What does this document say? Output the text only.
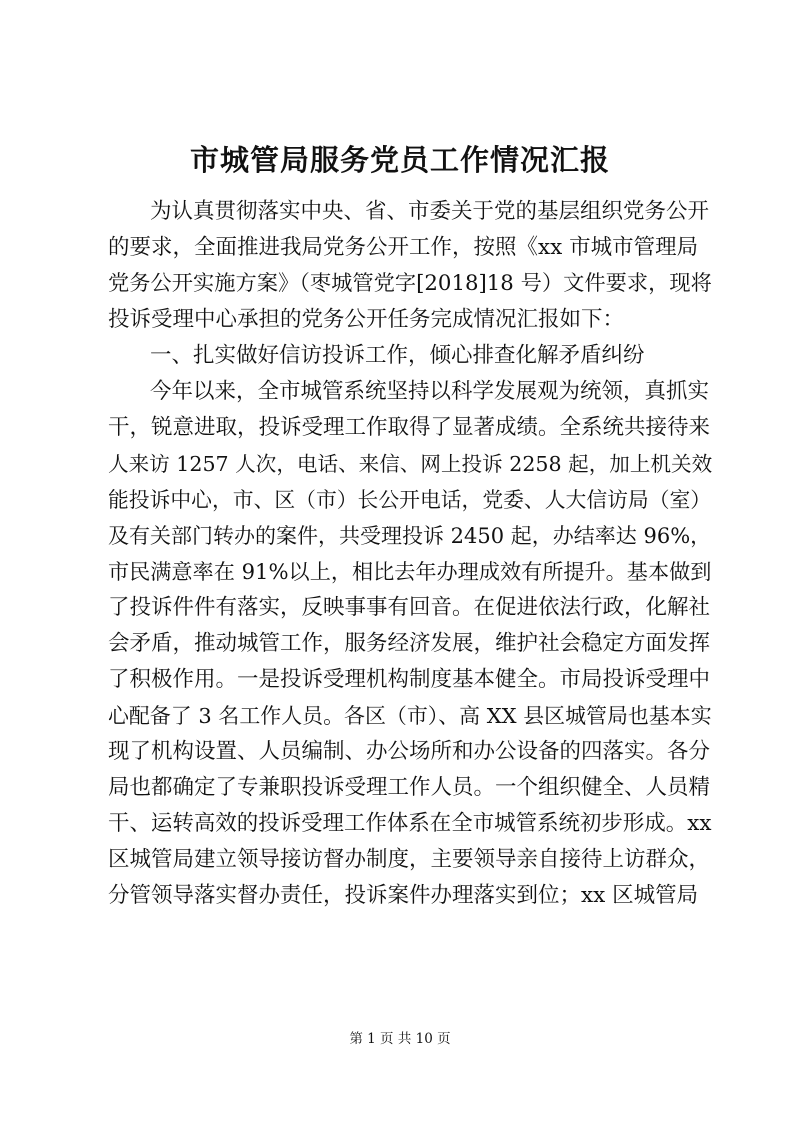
市城管局服务党员工作情况汇报
为认真贯彻落实中央、省、市委关于党的基层组织党务公开
的要求，全面推进我局党务公开工作，按照《xx 市城市管理局
党务公开实施方案》（枣城管党字[2018]18 号）文件要求，现将
投诉受理中心承担的党务公开任务完成情况汇报如下：
一、扎实做好信访投诉工作，倾心排查化解矛盾纠纷
今年以来，全市城管系统坚持以科学发展观为统领，真抓实
干，锐意进取，投诉受理工作取得了显著成绩。全系统共接待来
人来访 1257 人次，电话、来信、网上投诉 2258 起，加上机关效
能投诉中心，市、区（市）长公开电话，党委、人大信访局（室）
及有关部门转办的案件，共受理投诉 2450 起，办结率达 96%，
市民满意率在 91%以上，相比去年办理成效有所提升。基本做到
了投诉件件有落实，反映事事有回音。在促进依法行政，化解社
会矛盾，推动城管工作，服务经济发展，维护社会稳定方面发挥
了积极作用。一是投诉受理机构制度基本健全。市局投诉受理中
心配备了 3 名工作人员。各区（市）、高 XX 县区城管局也基本实
现了机构设置、人员编制、办公场所和办公设备的四落实。各分
局也都确定了专兼职投诉受理工作人员。一个组织健全、人员精
干、运转高效的投诉受理工作体系在全市城管系统初步形成。xx
区城管局建立领导接访督办制度，主要领导亲自接待上访群众，
分管领导落实督办责任，投诉案件办理落实到位；xx 区城管局
第 1 页 共 10 页
